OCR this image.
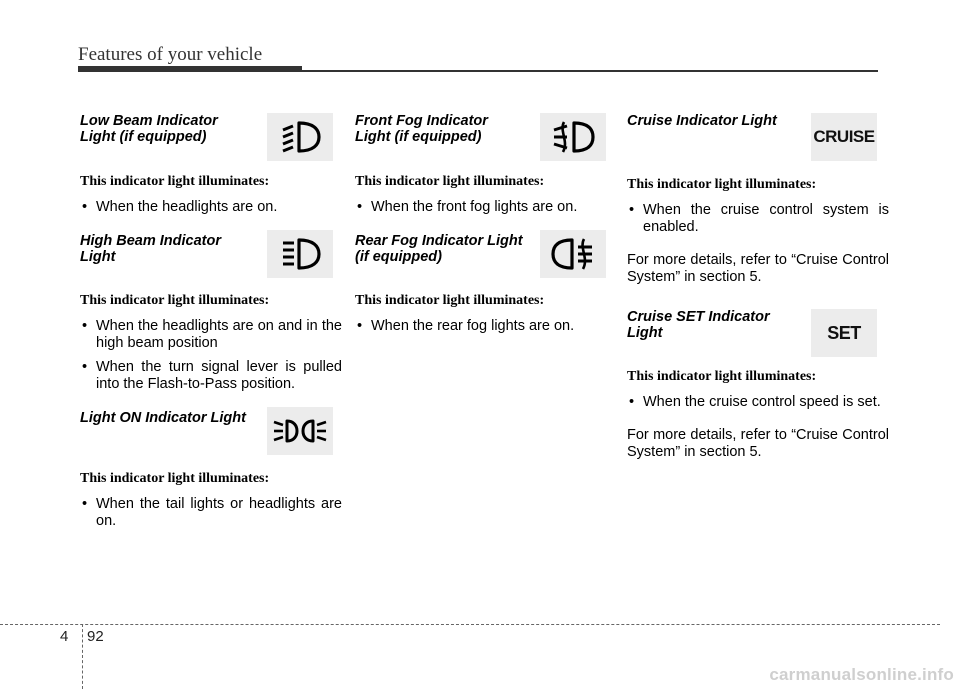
Features of your vehicle
CRUISE
SET
Low Beam Indicator
Light (if equipped)
This indicator light illuminates:
• When the headlights are on.
High Beam Indicator
Light
This indicator light illuminates:
• When the headlights are on and in the high beam position
• When the turn signal lever is pulled into the Flash-to-Pass position.
Light ON Indicator Light
This indicator light illuminates:
• When the tail lights or headlights are on.
Front Fog Indicator
Light (if equipped)
This indicator light illuminates:
• When the front fog lights are on.
Rear Fog Indicator Light
(if equipped)
This indicator light illuminates:
• When the rear fog lights are on.
Cruise Indicator Light
This indicator light illuminates:
• When the cruise control system is enabled.
For more details, refer to “Cruise Control System” in section 5.
Cruise SET Indicator
Light
This indicator light illuminates:
• When the cruise control speed is set.
For more details, refer to “Cruise Control System” in section 5.
4 92
carmanualsonline.info
